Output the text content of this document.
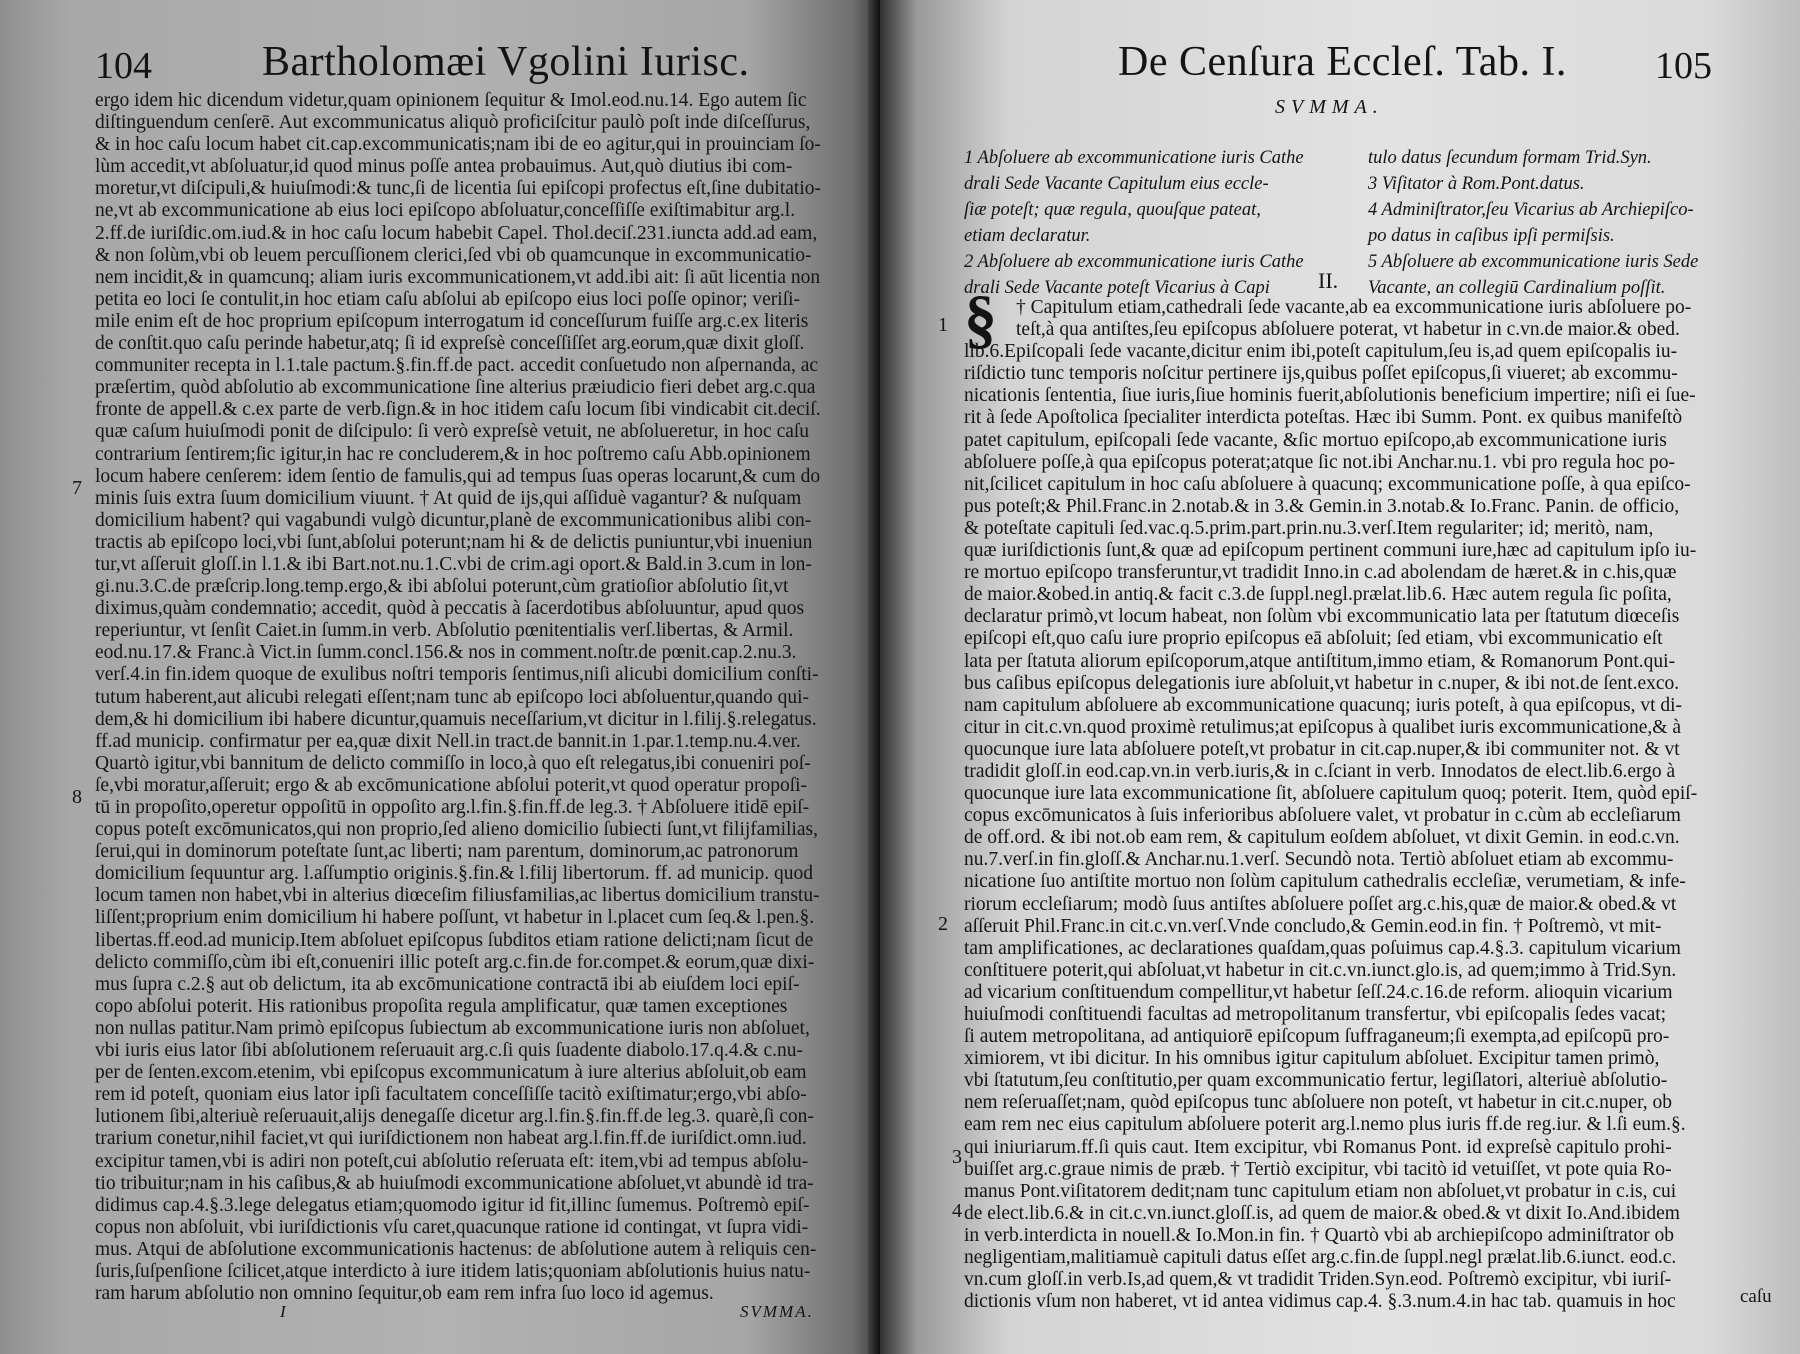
104	Bartholomæi Vgolini Iurisc.
ergo idem hic dicendum videtur,quam opinionem ſequitur & Imol.eod.nu.14. Ego autem ſic
diſtinguendum cenſerē. Aut excommunicatus aliquò proficiſcitur paulò poſt inde diſceſſurus,
& in hoc caſu locum habet cit.cap.excommunicatis;nam ibi de eo agitur,qui in prouinciam ſo-
lùm accedit,vt abſoluatur,id quod minus poſſe antea probauimus. Aut,quò diutius ibi com-
moretur,vt diſcipuli,& huiuſmodi:& tunc,ſi de licentia ſui epiſcopi profectus eſt,ſine dubitatio-
ne,vt ab excommunicatione ab eius loci epiſcopo abſoluatur,conceſſiſſe exiſtimabitur arg.l.
2.ff.de iuriſdic.om.iud.& in hoc caſu locum habebit Capel. Thol.deciſ.231.iuncta add.ad eam,
& non ſolùm,vbi ob leuem percuſſionem clerici,ſed vbi ob quamcunque in excommunicatio-
nem incidit,& in quamcunq; aliam iuris excommunicationem,vt add.ibi ait: ſi aūt licentia non
petita eo loci ſe contulit,in hoc etiam caſu abſolui ab epiſcopo eius loci poſſe opinor; veriſi-
mile enim eſt de hoc proprium epiſcopum interrogatum id conceſſurum fuiſſe arg.c.ex literis
de conſtit.quo caſu perinde habetur,atq; ſi id expreſsè conceſſiſſet arg.eorum,quæ dixit gloſſ.
communiter recepta in l.1.tale pactum.§.fin.ff.de pact. accedit conſuetudo non aſpernanda, ac
præſertim, quòd abſolutio ab excommunicatione ſine alterius præiudicio fieri debet arg.c.qua
fronte de appell.& c.ex parte de verb.ſign.& in hoc itidem caſu locum ſibi vindicabit cit.deciſ.
quæ caſum huiuſmodi ponit de diſcipulo: ſi verò expreſsè vetuit, ne abſolueretur, in hoc caſu
contrarium ſentirem;ſic igitur,in hac re concluderem,& in hoc poſtremo caſu Abb.opinionem
locum habere cenſerem: idem ſentio de famulis,qui ad tempus ſuas operas locarunt,& cum do
minis ſuis extra ſuum domicilium viuunt. † At quid de ijs,qui aſſiduè vagantur? & nuſquam
domicilium habent? qui vagabundi vulgò dicuntur,planè de excommunicationibus alibi con-
tractis ab epiſcopo loci,vbi ſunt,abſolui poterunt;nam hi & de delictis puniuntur,vbi inueniun
tur,vt aſſeruit gloſſ.in l.1.& ibi Bart.not.nu.1.C.vbi de crim.agi oport.& Bald.in 3.cum in lon-
gi.nu.3.C.de præſcrip.long.temp.ergo,& ibi abſolui poterunt,cùm gratioſior abſolutio ſit,vt
diximus,quàm condemnatio; accedit, quòd à peccatis à ſacerdotibus abſoluuntur, apud quos
reperiuntur, vt ſenſit Caiet.in ſumm.in verb. Abſolutio pœnitentialis verſ.libertas, & Armil.
eod.nu.17.& Franc.à Vict.in ſumm.concl.156.& nos in comment.noſtr.de pœnit.cap.2.nu.3.
verſ.4.in fin.idem quoque de exulibus noſtri temporis ſentimus,niſi alicubi domicilium conſti-
tutum haberent,aut alicubi relegati eſſent;nam tunc ab epiſcopo loci abſoluentur,quando qui-
dem,& hi domicilium ibi habere dicuntur,quamuis neceſſarium,vt dicitur in l.filij.§.relegatus.
ff.ad municip. confirmatur per ea,quæ dixit Nell.in tract.de bannit.in 1.par.1.temp.nu.4.ver.
Quartò igitur,vbi bannitum de delicto commiſſo in loco,à quo eſt relegatus,ibi conueniri poſ-
ſe,vbi moratur,aſſeruit; ergo & ab excōmunicatione abſolui poterit,vt quod operatur propoſi-
tū in propoſito,operetur oppoſitū in oppoſito arg.l.fin.§.fin.ff.de leg.3. † Abſoluere itidē epiſ-
copus poteſt excōmunicatos,qui non proprio,ſed alieno domicilio ſubiecti ſunt,vt filijfamilias,
ſerui,qui in dominorum poteſtate ſunt,ac liberti; nam parentum, dominorum,ac patronorum
domicilium ſequuntur arg. l.aſſumptio originis.§.fin.& l.filij libertorum. ff. ad municip. quod
locum tamen non habet,vbi in alterius diœceſim filiusfamilias,ac libertus domicilium transtu-
liſſent;proprium enim domicilium hi habere poſſunt, vt habetur in l.placet cum ſeq.& l.pen.§.
libertas.ff.eod.ad municip.Item abſoluet epiſcopus ſubditos etiam ratione delicti;nam ſicut de
delicto commiſſo,cùm ibi eſt,conueniri illic poteſt arg.c.fin.de for.compet.& eorum,quæ dixi-
mus ſupra c.2.§ aut ob delictum, ita ab excōmunicatione contractā ibi ab eiuſdem loci epiſ-
copo abſolui poterit. His rationibus propoſita regula amplificatur, quæ tamen exceptiones
non nullas patitur.Nam primò epiſcopus ſubiectum ab excommunicatione iuris non abſoluet,
vbi iuris eius lator ſibi abſolutionem reſeruauit arg.c.ſi quis ſuadente diabolo.17.q.4.& c.nu-
per de ſenten.excom.etenim, vbi epiſcopus excommunicatum à iure alterius abſoluit,ob eam
rem id poteſt, quoniam eius lator ipſi facultatem conceſſiſſe tacitò exiſtimatur;ergo,vbi abſo-
lutionem ſibi,alteriuè reſeruauit,alijs denegaſſe dicetur arg.l.fin.§.fin.ff.de leg.3. quarè,ſi con-
trarium conetur,nihil faciet,vt qui iuriſdictionem non habeat arg.l.fin.ff.de iuriſdict.omn.iud.
excipitur tamen,vbi is adiri non poteſt,cui abſolutio reſeruata eſt: item,vbi ad tempus abſolu-
tio tribuitur;nam in his caſibus,& ab huiuſmodi excommunicatione abſoluet,vt abundè id tra-
didimus cap.4.§.3.lege delegatus etiam;quomodo igitur id fit,illinc ſumemus. Poſtremò epiſ-
copus non abſoluit, vbi iuriſdictionis vſu caret,quacunque ratione id contingat, vt ſupra vidi-
mus. Atqui de abſolutione excommunicationis hactenus: de abſolutione autem à reliquis cen-
ſuris,ſuſpenſione ſcilicet,atque interdicto à iure itidem latis;quoniam abſolutionis huius natu-
ram harum abſolutio non omnino ſequitur,ob eam rem infra ſuo loco id agemus.
7
8
I	SVMMA.
De Cenſura Eccleſ. Tab. I. 105
SVMMA.
1 Abſoluere ab excommunicatione iuris Cathe
drali Sede Vacante Capitulum eius eccle-
ſiæ poteſt; quæ regula, quouſque pateat,
etiam declaratur.
2 Abſoluere ab excommunicatione iuris Cathe
drali Sede Vacante poteſt Vicarius à Capi
tulo datus ſecundum formam Trid.Syn.
3 Viſitator à Rom.Pont.datus.
4 Adminiſtrator,ſeu Vicarius ab Archiepiſco-
po datus in caſibus ipſi permiſsis.
5 Abſoluere ab excommunicatione iuris Sede
Vacante, an collegiū Cardinalium poſſit.
II.
§ † Capitulum etiam,cathedrali ſede vacante,ab ea excommunicatione iuris abſoluere po-
teſt,à qua antiſtes,ſeu epiſcopus abſoluere poterat, vt habetur in c.vn.de maior.& obed.
lib.6.Epiſcopali ſede vacante,dicitur enim ibi,poteſt capitulum,ſeu is,ad quem epiſcopalis iu-
riſdictio tunc temporis noſcitur pertinere ijs,quibus poſſet epiſcopus,ſi viueret; ab excommu-
nicationis ſententia, ſiue iuris,ſiue hominis fuerit,abſolutionis beneficium impertire; niſi ei ſue-
rit à ſede Apoſtolica ſpecialiter interdicta poteſtas. Hæc ibi Summ. Pont. ex quibus manifeſtò
patet capitulum, epiſcopali ſede vacante, &ſic mortuo epiſcopo,ab excommunicatione iuris
abſoluere poſſe,à qua epiſcopus poterat;atque ſic not.ibi Anchar.nu.1. vbi pro regula hoc po-
nit,ſcilicet capitulum in hoc caſu abſoluere à quacunq; excommunicatione poſſe, à qua epiſco-
pus poteſt;& Phil.Franc.in 2.notab.& in 3.& Gemin.in 3.notab.& Io.Franc. Panin. de officio,
& poteſtate capituli ſed.vac.q.5.prim.part.prin.nu.3.verſ.Item regulariter; id; meritò, nam,
quæ iuriſdictionis ſunt,& quæ ad epiſcopum pertinent communi iure,hæc ad capitulum ipſo iu-
re mortuo epiſcopo transferuntur,vt tradidit Inno.in c.ad abolendam de hæret.& in c.his,quæ
de maior.&obed.in antiq.& facit c.3.de ſuppl.negl.prælat.lib.6. Hæc autem regula ſic poſita,
declaratur primò,vt locum habeat, non ſolùm vbi excommunicatio lata per ſtatutum diœceſis
epiſcopi eſt,quo caſu iure proprio epiſcopus eā abſoluit; ſed etiam, vbi excommunicatio eſt
lata per ſtatuta aliorum epiſcoporum,atque antiſtitum,immo etiam, & Romanorum Pont.qui-
bus caſibus epiſcopus delegationis iure abſoluit,vt habetur in c.nuper, & ibi not.de ſent.exco.
nam capitulum abſoluere ab excommunicatione quacunq; iuris poteſt, à qua epiſcopus, vt di-
citur in cit.c.vn.quod proximè retulimus;at epiſcopus à qualibet iuris excommunicatione,& à
quocunque iure lata abſoluere poteſt,vt probatur in cit.cap.nuper,& ibi communiter not. & vt
tradidit gloſſ.in eod.cap.vn.in verb.iuris,& in c.ſciant in verb. Innodatos de elect.lib.6.ergo à
quocunque iure lata excommunicatione ſit, abſoluere capitulum quoq; poterit. Item, quòd epiſ-
copus excōmunicatos à ſuis inferioribus abſoluere valet, vt probatur in c.cùm ab eccleſiarum
de off.ord. & ibi not.ob eam rem, & capitulum eoſdem abſoluet, vt dixit Gemin. in eod.c.vn.
nu.7.verſ.in fin.gloſſ.& Anchar.nu.1.verſ. Secundò nota. Tertiò abſoluet etiam ab excommu-
nicatione ſuo antiſtite mortuo non ſolùm capitulum cathedralis eccleſiæ, verumetiam, & infe-
riorum eccleſiarum; modò ſuus antiſtes abſoluere poſſet arg.c.his,quæ de maior.& obed.& vt
aſſeruit Phil.Franc.in cit.c.vn.verſ.Vnde concludo,& Gemin.eod.in fin. † Poſtremò, vt mit-
tam amplificationes, ac declarationes quaſdam,quas poſuimus cap.4.§.3. capitulum vicarium
conſtituere poterit,qui abſoluat,vt habetur in cit.c.vn.iunct.glo.is, ad quem;immo à Trid.Syn.
ad vicarium conſtituendum compellitur,vt habetur ſeſſ.24.c.16.de reform. alioquin vicarium
huiuſmodi conſtituendi facultas ad metropolitanum transfertur, vbi epiſcopalis ſedes vacat;
ſi autem metropolitana, ad antiquiorē epiſcopum ſuffraganeum;ſi exempta,ad epiſcopū pro-
ximiorem, vt ibi dicitur. In his omnibus igitur capitulum abſoluet. Excipitur tamen primò,
vbi ſtatutum,ſeu conſtitutio,per quam excommunicatio fertur, legiſlatori, alteriuè abſolutio-
nem reſeruaſſet;nam, quòd epiſcopus tunc abſoluere non poteſt, vt habetur in cit.c.nuper, ob
eam rem nec eius capitulum abſoluere poterit arg.l.nemo plus iuris ff.de reg.iur. & l.ſi eum.§.
qui iniuriarum.ff.ſi quis caut. Item excipitur, vbi Romanus Pont. id expreſsè capitulo prohi-
buiſſet arg.c.graue nimis de præb. † Tertiò excipitur, vbi tacitò id vetuiſſet, vt pote quia Ro-
manus Pont.viſitatorem dedit;nam tunc capitulum etiam non abſoluet,vt probatur in c.is, cui
de elect.lib.6.& in cit.c.vn.iunct.gloſſ.is, ad quem de maior.& obed.& vt dixit Io.And.ibidem
in verb.interdicta in nouell.& Io.Mon.in fin. † Quartò vbi ab archiepiſcopo adminiſtrator ob
negligentiam,malitiamuè capituli datus eſſet arg.c.fin.de ſuppl.negl prælat.lib.6.iunct. eod.c.
vn.cum gloſſ.in verb.Is,ad quem,& vt tradidit Triden.Syn.eod. Poſtremò excipitur, vbi iuriſ-
dictionis vſum non haberet, vt id antea vidimus cap.4. §.3.num.4.in hac tab. quamuis in hoc
1
2
3
4
caſu
